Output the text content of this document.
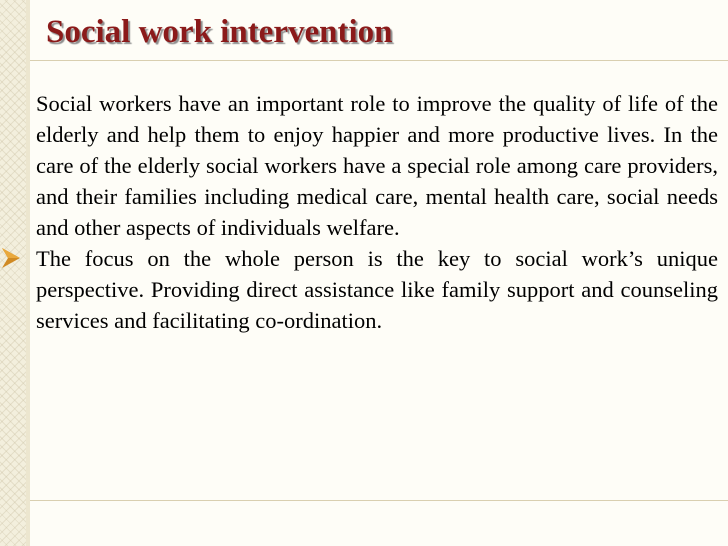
Social work intervention

Social workers have an important role to improve the quality of life of the elderly and help them to enjoy happier and more productive lives. In the care of the elderly social workers have a special role among care providers, and their families including medical care, mental health care, social needs and other aspects of individuals welfare.

The focus on the whole person is the key to social work’s unique perspective. Providing direct assistance like family support and counseling services and facilitating co-ordination.
